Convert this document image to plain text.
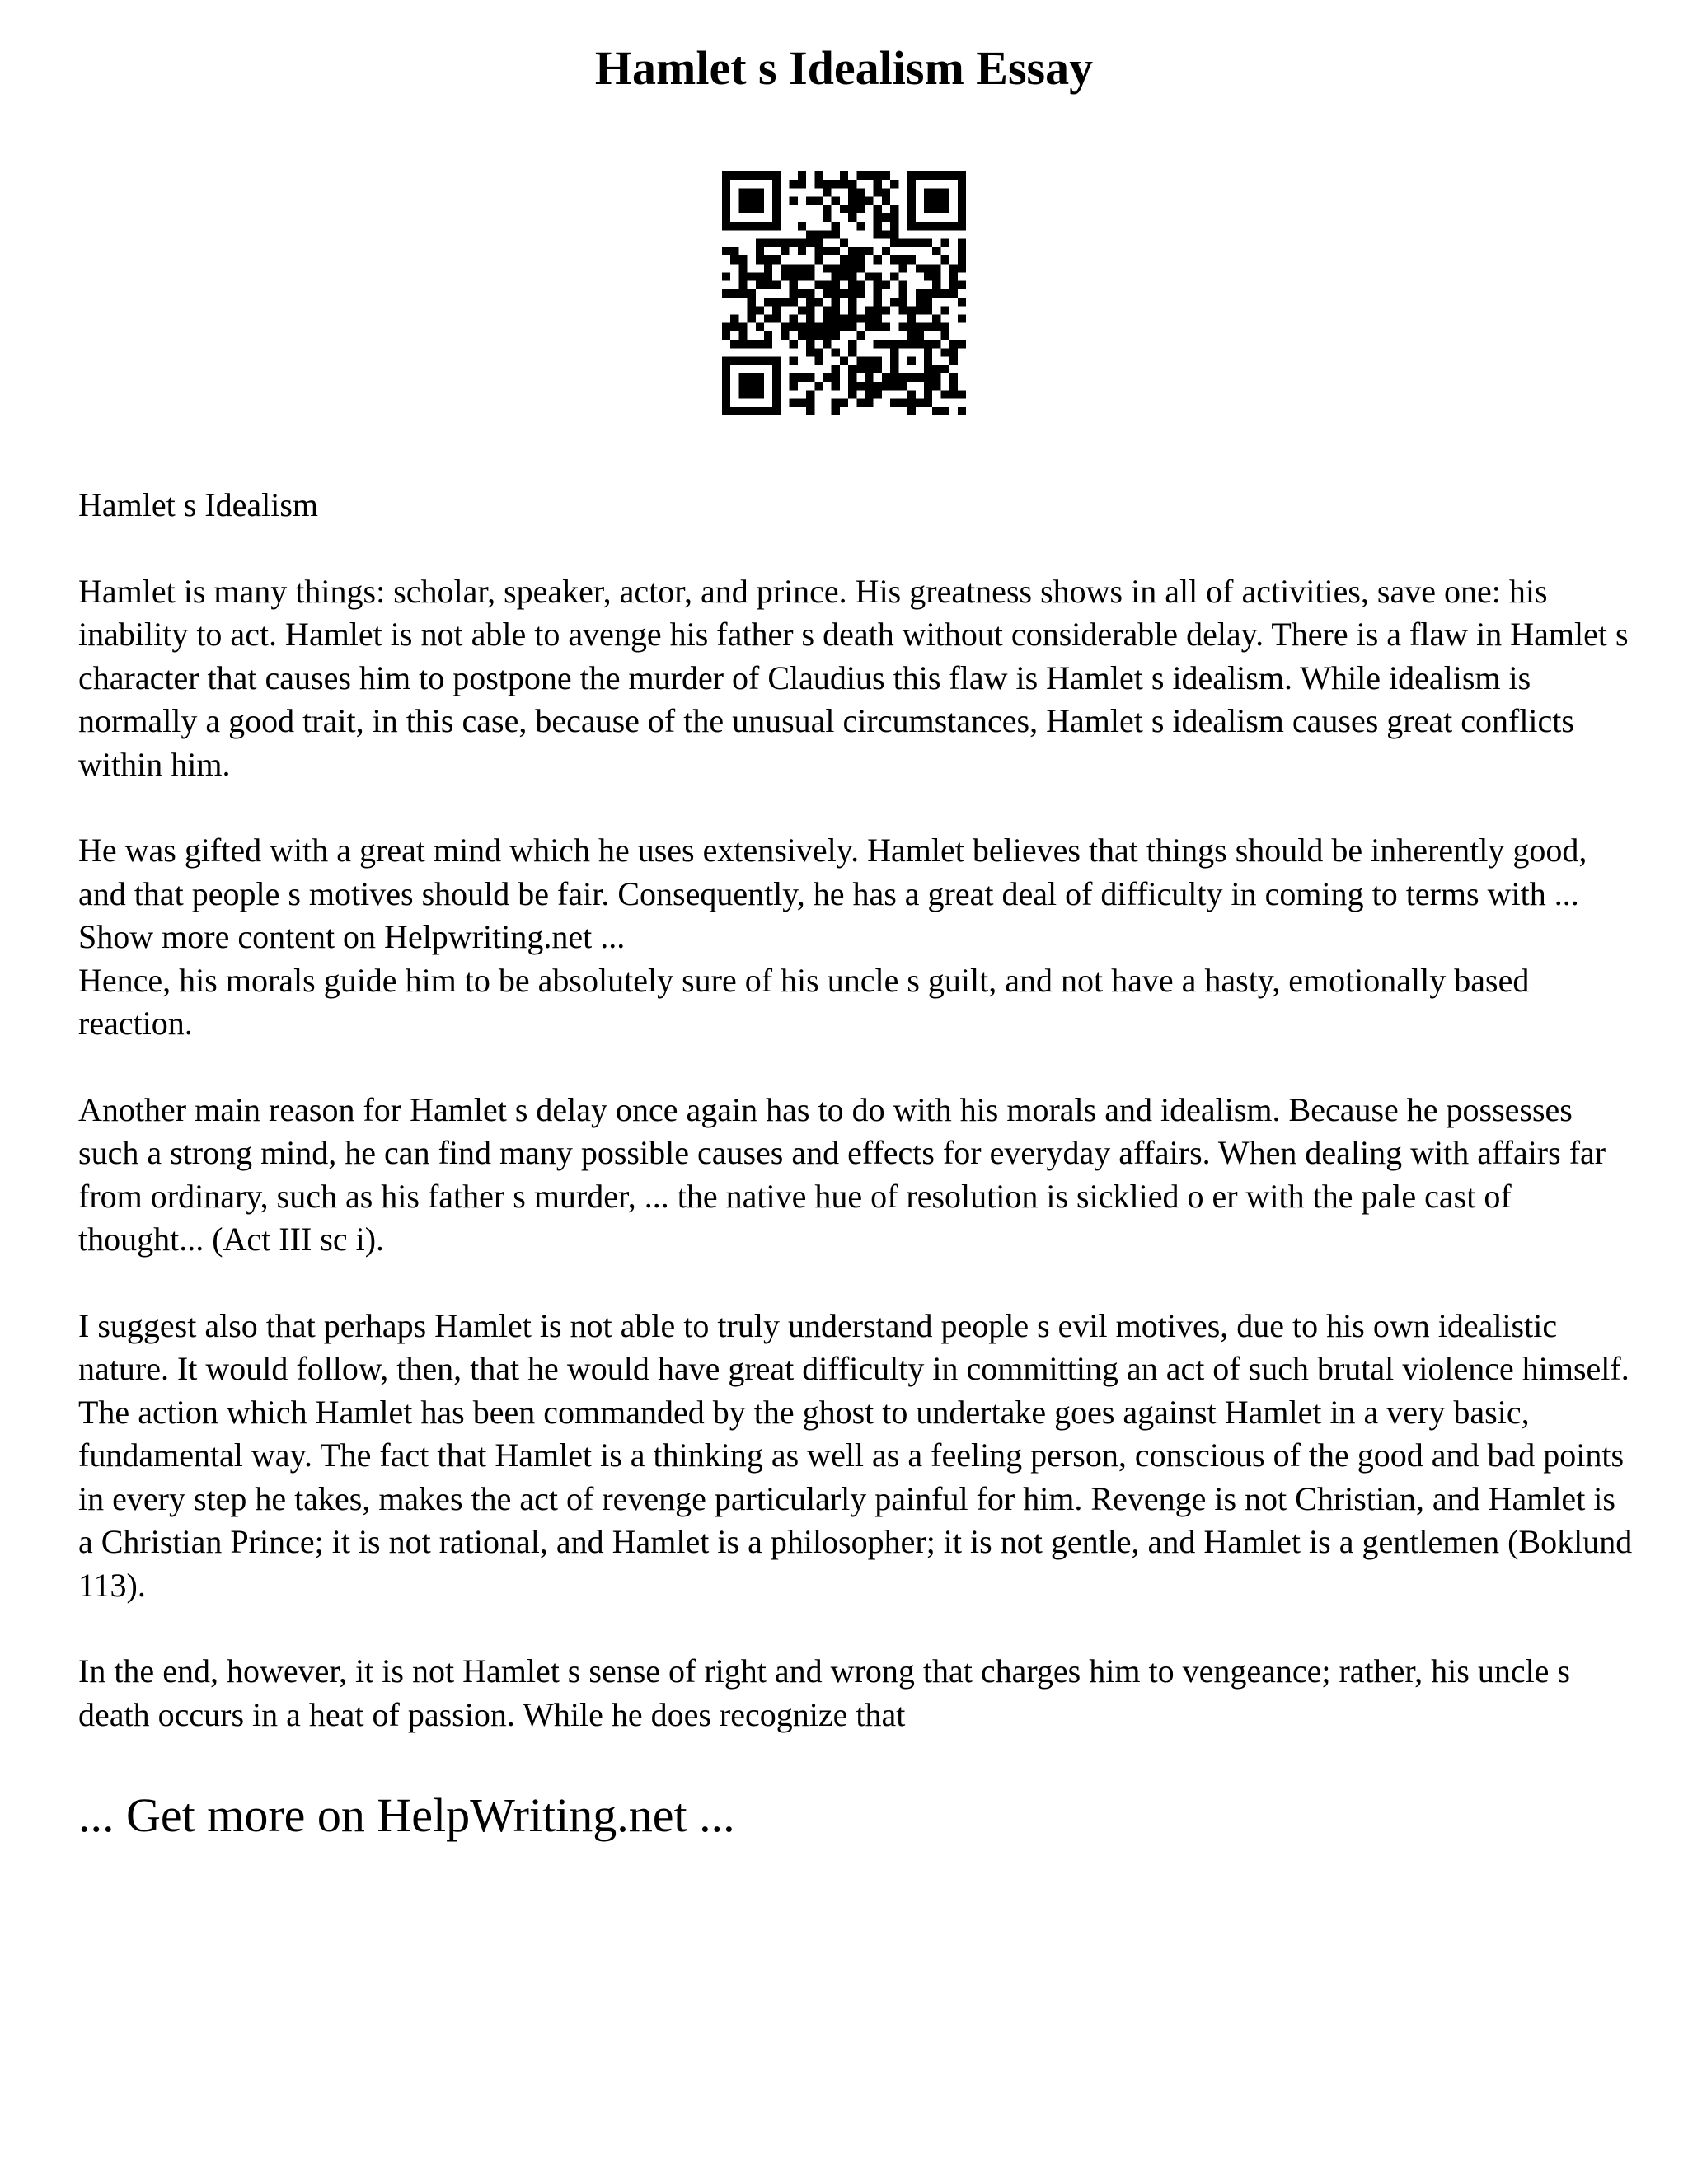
Hamlet s Idealism Essay

Hamlet s Idealism

Hamlet is many things: scholar, speaker, actor, and prince. His greatness shows in all of activities, save one: his inability to act. Hamlet is not able to avenge his father s death without considerable delay. There is a flaw in Hamlet s character that causes him to postpone the murder of Claudius this flaw is Hamlet s idealism. While idealism is normally a good trait, in this case, because of the unusual circumstances, Hamlet s idealism causes great conflicts within him.

He was gifted with a great mind which he uses extensively. Hamlet believes that things should be inherently good, and that people s motives should be fair. Consequently, he has a great deal of difficulty in coming to terms with ... Show more content on Helpwriting.net ...

Hence, his morals guide him to be absolutely sure of his uncle s guilt, and not have a hasty, emotionally based reaction.

Another main reason for Hamlet s delay once again has to do with his morals and idealism. Because he possesses such a strong mind, he can find many possible causes and effects for everyday affairs. When dealing with affairs far from ordinary, such as his father s murder, ... the native hue of resolution is sicklied o er with the pale cast of thought... (Act III sc i).

I suggest also that perhaps Hamlet is not able to truly understand people s evil motives, due to his own idealistic nature. It would follow, then, that he would have great difficulty in committing an act of such brutal violence himself. The action which Hamlet has been commanded by the ghost to undertake goes against Hamlet in a very basic, fundamental way. The fact that Hamlet is a thinking as well as a feeling person, conscious of the good and bad points in every step he takes, makes the act of revenge particularly painful for him. Revenge is not Christian, and Hamlet is a Christian Prince; it is not rational, and Hamlet is a philosopher; it is not gentle, and Hamlet is a gentlemen (Boklund 113).

In the end, however, it is not Hamlet s sense of right and wrong that charges him to vengeance; rather, his uncle s death occurs in a heat of passion. While he does recognize that

... Get more on HelpWriting.net ...
